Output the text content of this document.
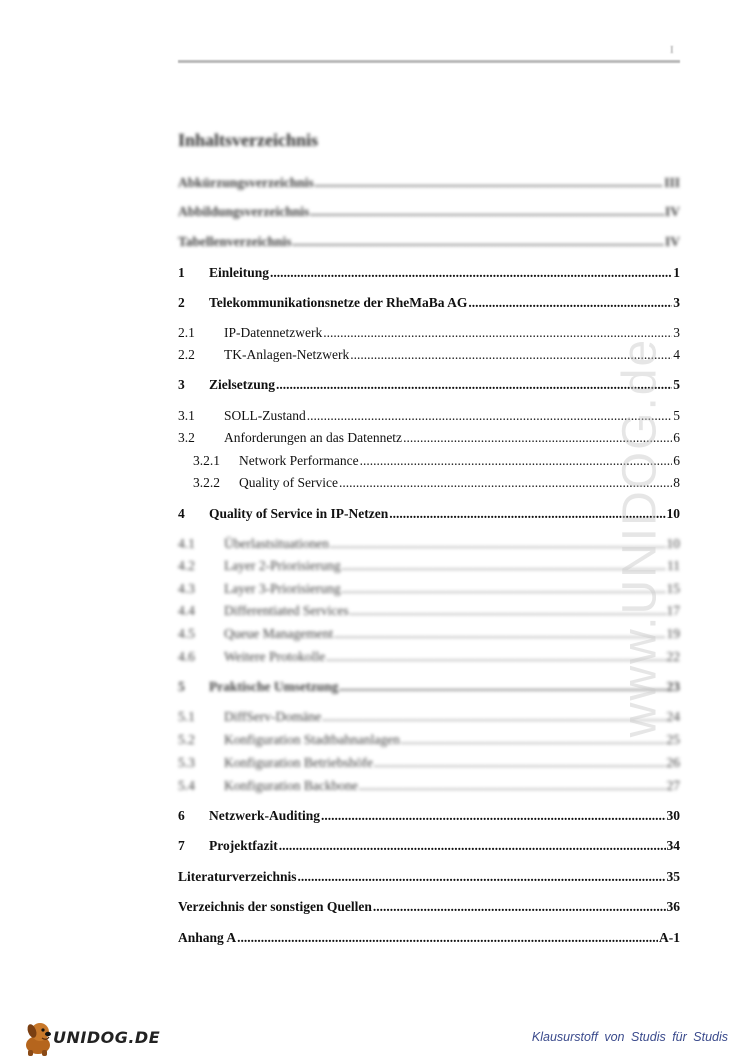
I
Inhaltsverzeichnis
Abkürzungsverzeichnis .....	III
Abbildungsverzeichnis .....	IV
Tabellenverzeichnis .....	IV
1	Einleitung .....	1
2	Telekommunikationsnetze der RheMaBa AG .....	3
2.1	IP-Datennetzwerk .....	3
2.2	TK-Anlagen-Netzwerk .....	4
3	Zielsetzung .....	5
3.1	SOLL-Zustand .....	5
3.2	Anforderungen an das Datennetz .....	6
3.2.1	Network Performance .....	6
3.2.2	Quality of Service .....	8
4	Quality of Service in IP-Netzen .....	10
4.1	Überlastsituationen .....	10
4.2	Layer 2-Priorisierung .....	11
4.3	Layer 3-Priorisierung .....	15
4.4	Differentiated Services .....	17
4.5	Queue Management .....	19
4.6	Weitere Protokolle .....	22
5	Praktische Umsetzung .....	23
5.1	DiffServ-Domäne .....	24
5.2	Konfiguration Stadtbahnanlagen .....	25
5.3	Konfiguration Betriebshöfe .....	26
5.4	Konfiguration Backbone .....	27
6	Netzwerk-Auditing .....	30
7	Projektfazit .....	34
Literaturverzeichnis .....	35
Verzeichnis der sonstigen Quellen .....	36
Anhang A .....	A-1
www.UNIDOG.de
UNIDOG.DE	Klausurstoff von Studis für Studis
